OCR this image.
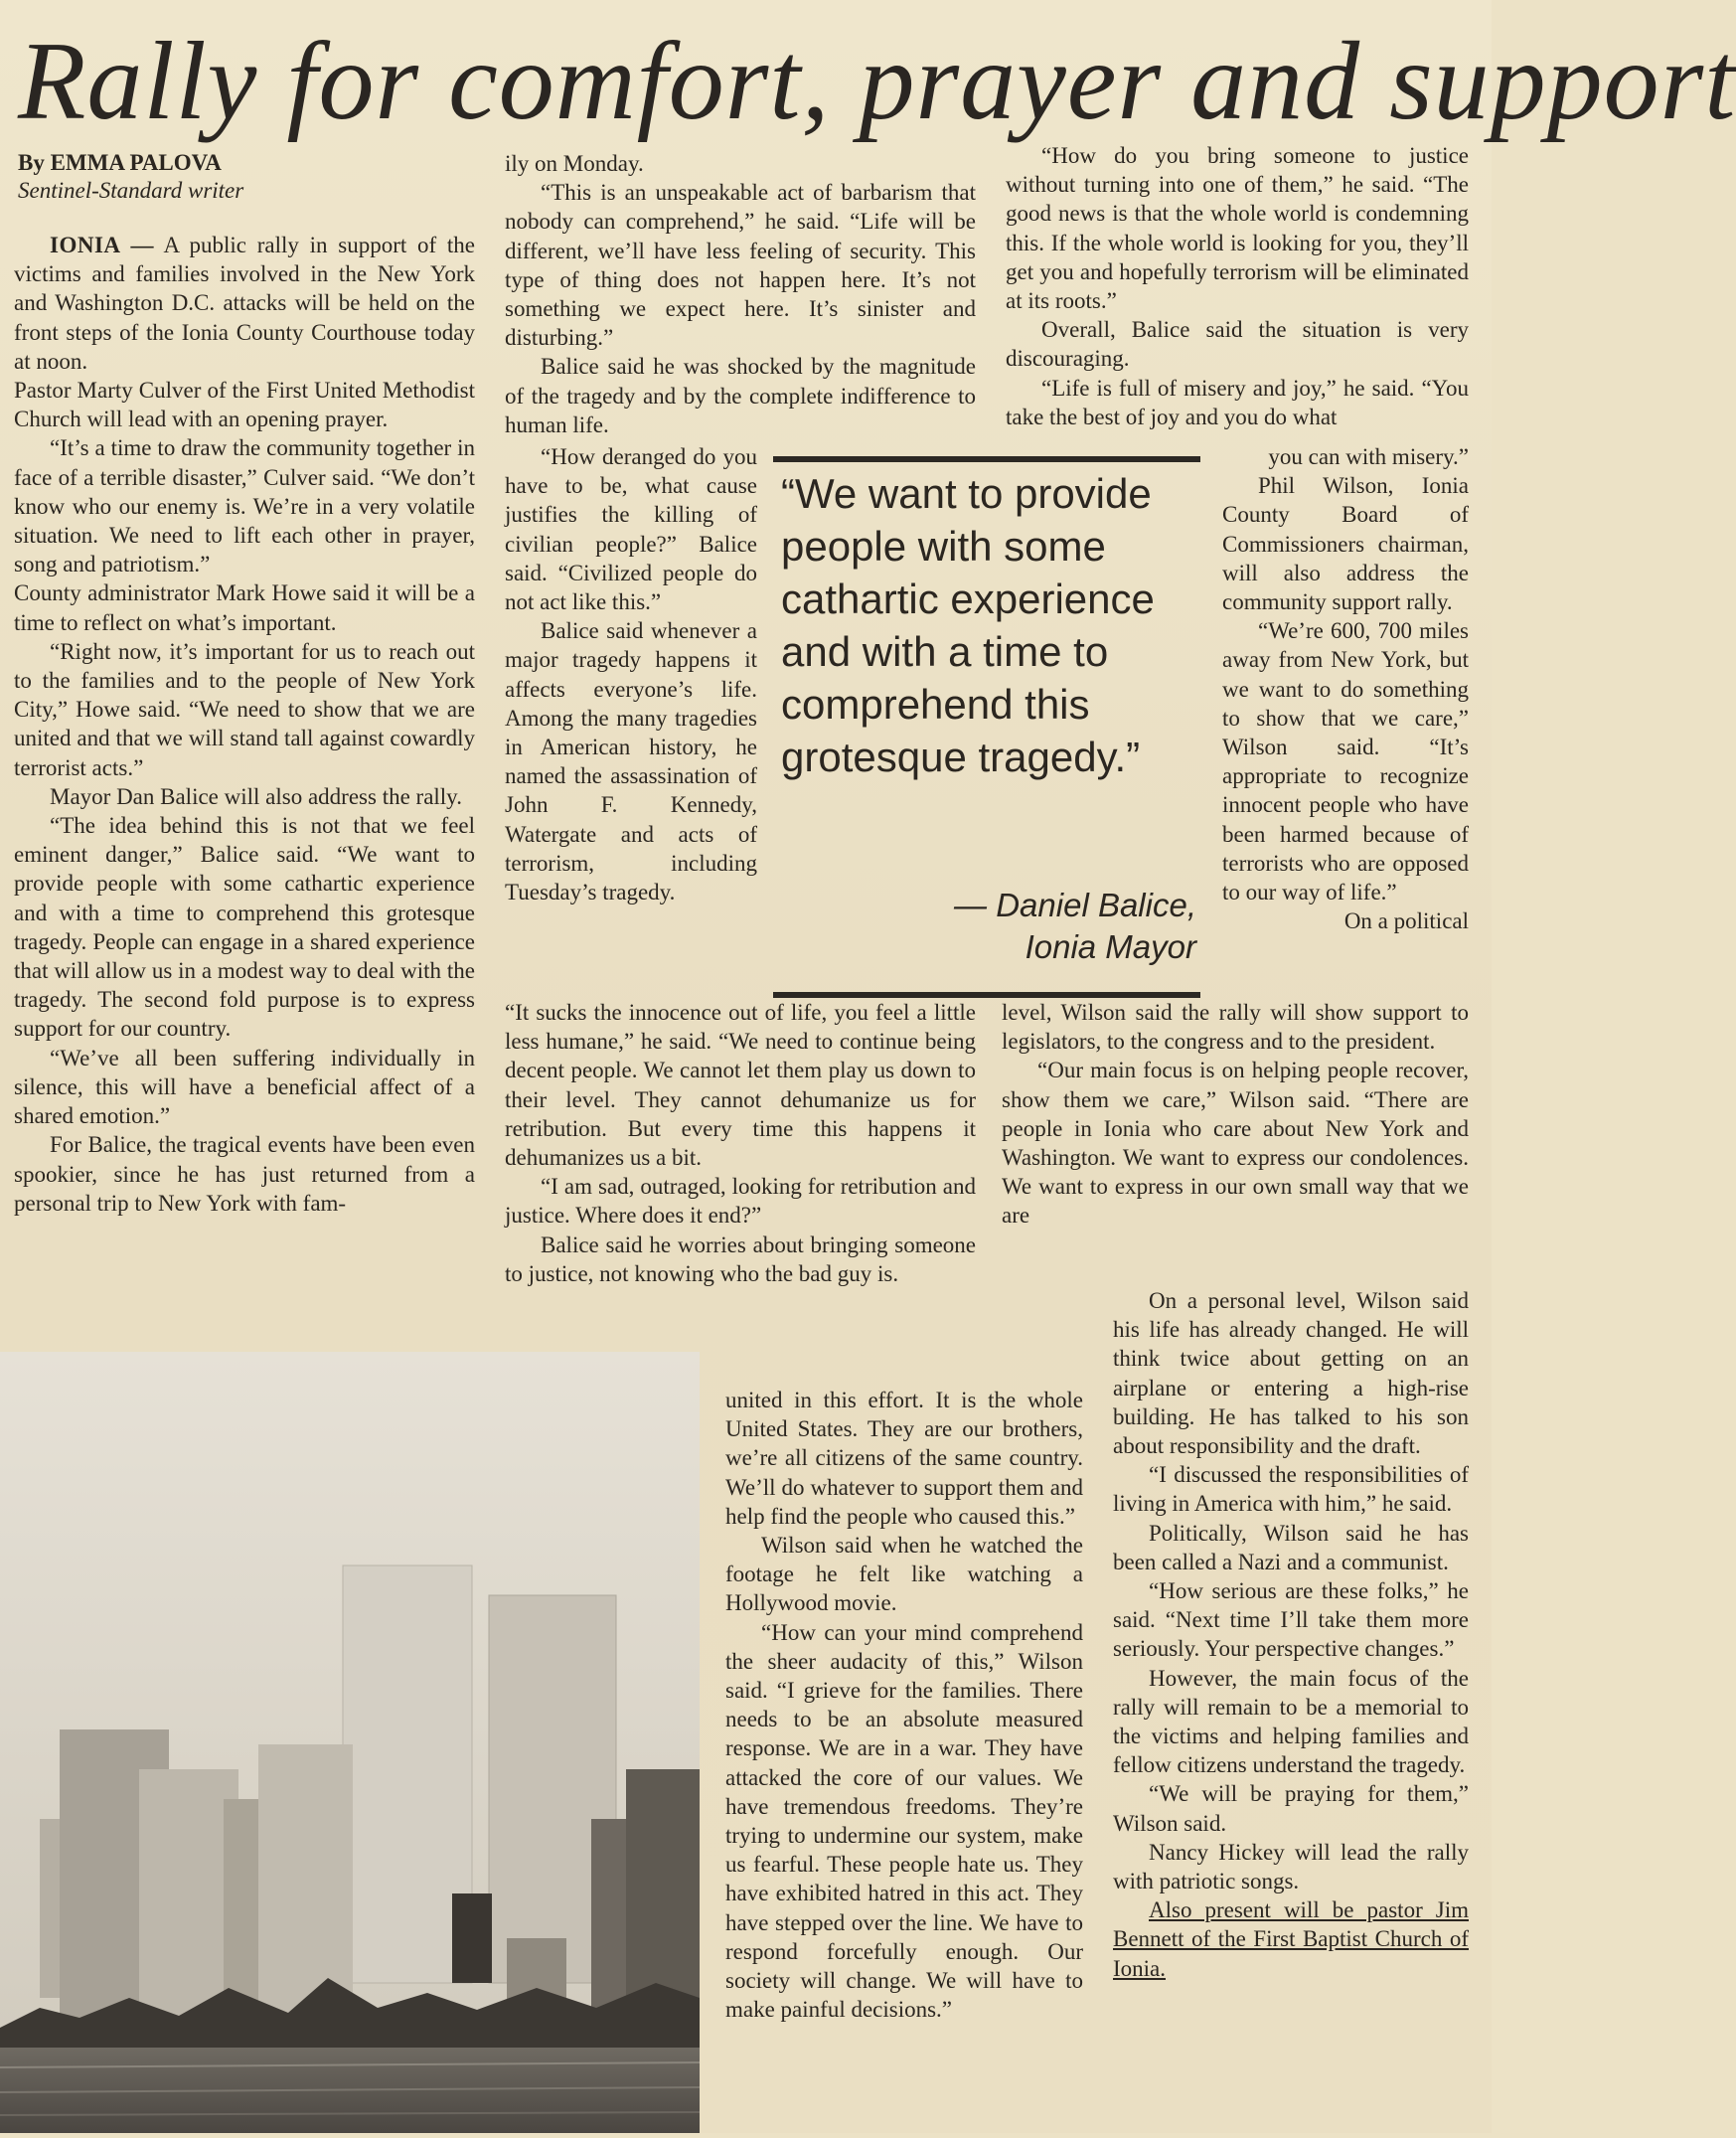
Rally for comfort, prayer and support
By EMMA PALOVA
Sentinel-Standard writer

IONIA — A public rally in support of the victims and families involved in the New York and Washington D.C. attacks will be held on the front steps of the Ionia County Courthouse today at noon.

Pastor Marty Culver of the First United Methodist Church will lead with an opening prayer.

“It’s a time to draw the community together in face of a terrible disaster,” Culver said. “We don’t know who our enemy is. We’re in a very volatile situation. We need to lift each other in prayer, song and patriotism.”

County administrator Mark Howe said it will be a time to reflect on what’s important.

“Right now, it’s important for us to reach out to the families and to the people of New York City,” Howe said. “We need to show that we are united and that we will stand tall against cowardly terrorist acts.”

Mayor Dan Balice will also address the rally.

“The idea behind this is not that we feel eminent danger,” Balice said. “We want to provide people with some cathartic experience and with a time to comprehend this grotesque tragedy. People can engage in a shared experience that will allow us in a modest way to deal with the tragedy. The second fold purpose is to express support for our country.

“We’ve all been suffering individually in silence, this will have a beneficial affect of a shared emotion.”

For Balice, the tragical events have been even spookier, since he has just returned from a personal trip to New York with fam-

ily on Monday.

“This is an unspeakable act of barbarism that nobody can comprehend,” he said. “Life will be different, we’ll have less feeling of security. This type of thing does not happen here. It’s not something we expect here. It’s sinister and disturbing.”

Balice said he was shocked by the magnitude of the tragedy and by the complete indifference to human life.

“How do you bring someone to justice without turning into one of them,” he said. “The good news is that the whole world is condemning this. If the whole world is looking for you, they’ll get you and hopefully terrorism will be eliminated at its roots.”

Overall, Balice said the situation is very discouraging.

“Life is full of misery and joy,” he said. “You take the best of joy and you do what

“How deranged do you have to be, what cause justifies the killing of civilian people?” Balice said. “Civilized people do not act like this.”

Balice said whenever a major tragedy happens it affects everyone’s life. Among the many tragedies in American history, he named the assassination of John F. Kennedy, Watergate and acts of terrorism, including Tuesday’s tragedy.

“We want to provide people with some cathartic experience and with a time to comprehend this grotesque tragedy.”
— Daniel Balice,
Ionia Mayor

you can with misery.”

Phil Wilson, Ionia County Board of Commissioners chairman, will also address the community support rally.

“We’re 600, 700 miles away from New York, but we want to do something to show that we care,” Wilson said. “It’s appropriate to recognize innocent people who have been harmed because of terrorists who are opposed to our way of life.”

On a political

“It sucks the innocence out of life, you feel a little less humane,” he said. “We need to continue being decent people. We cannot let them play us down to their level. They cannot dehumanize us for retribution. But every time this happens it dehumanizes us a bit.

“I am sad, outraged, looking for retribution and justice. Where does it end?”

Balice said he worries about bringing someone to justice, not knowing who the bad guy is.

level, Wilson said the rally will show support to legislators, to the congress and to the president.

“Our main focus is on helping people recover, show them we care,” Wilson said. “There are people in Ionia who care about New York and Washington. We want to express our condolences. We want to express in our own small way that we are

united in this effort. It is the whole United States. They are our brothers, we’re all citizens of the same country. We’ll do whatever to support them and help find the people who caused this.”

Wilson said when he watched the footage he felt like watching a Hollywood movie.

“How can your mind comprehend the sheer audacity of this,” Wilson said. “I grieve for the families. There needs to be an absolute measured response. We are in a war. They have attacked the core of our values. We have tremendous freedoms. They’re trying to undermine our system, make us fearful. These people hate us. They have exhibited hatred in this act. They have stepped over the line. We have to respond forcefully enough. Our society will change. We will have to make painful decisions.”

On a personal level, Wilson said his life has already changed. He will think twice about getting on an airplane or entering a high-rise building. He has talked to his son about responsibility and the draft.

“I discussed the responsibilities of living in America with him,” he said.

Politically, Wilson said he has been called a Nazi and a communist.

“How serious are these folks,” he said. “Next time I’ll take them more seriously. Your perspective changes.”

However, the main focus of the rally will remain to be a memorial to the victims and helping families and fellow citizens understand the tragedy.

“We will be praying for them,” Wilson said.

Nancy Hickey will lead the rally with patriotic songs.

Also present will be pastor Jim Bennett of the First Baptist Church of Ionia.
